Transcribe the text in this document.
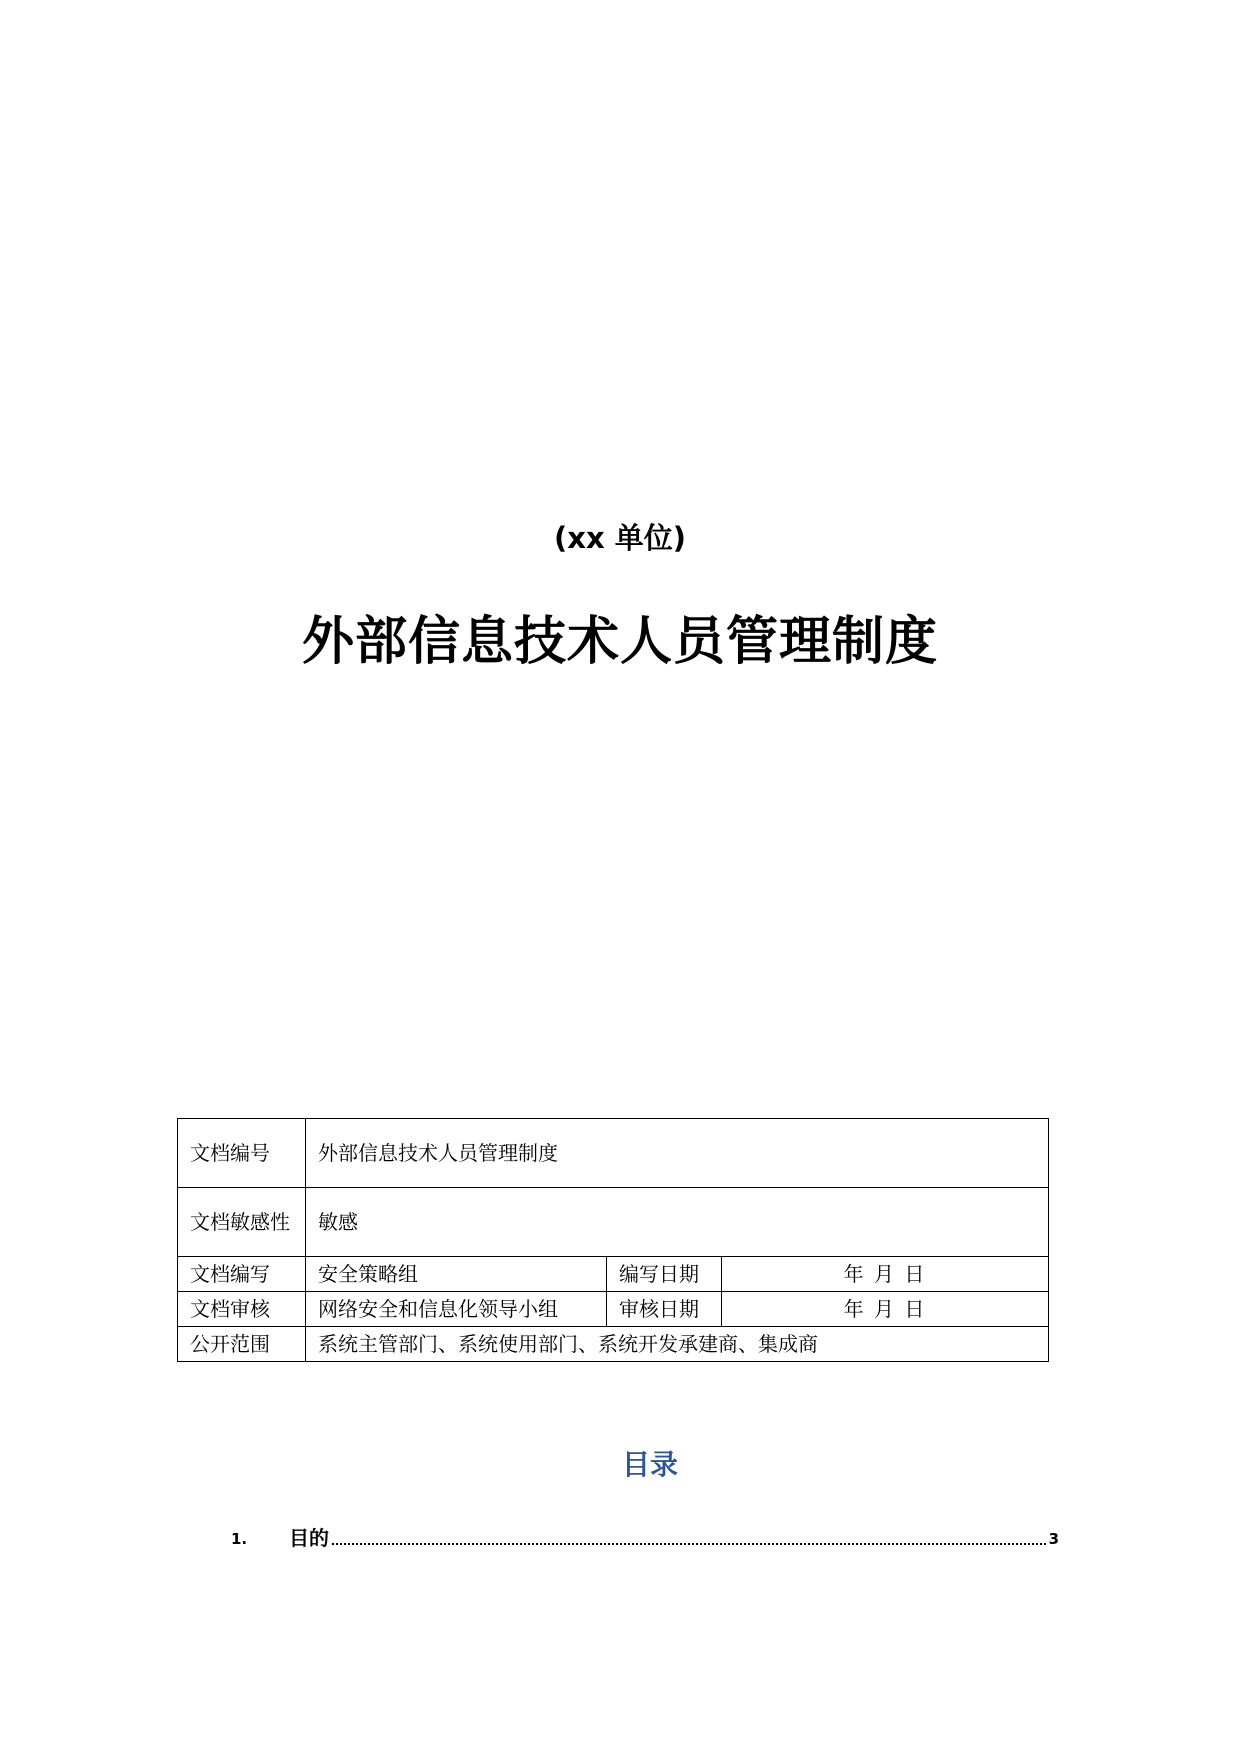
(xx 单位)
外部信息技术人员管理制度
文档编号	外部信息技术人员管理制度		
文档敏感性	敏感		
文档编写	安全策略组	编写日期	年 月 日
文档审核	网络安全和信息化领导小组	审核日期	年 月 日
公开范围	系统主管部门、系统使用部门、系统开发承建商、集成商		
目录
1.	目的	3
